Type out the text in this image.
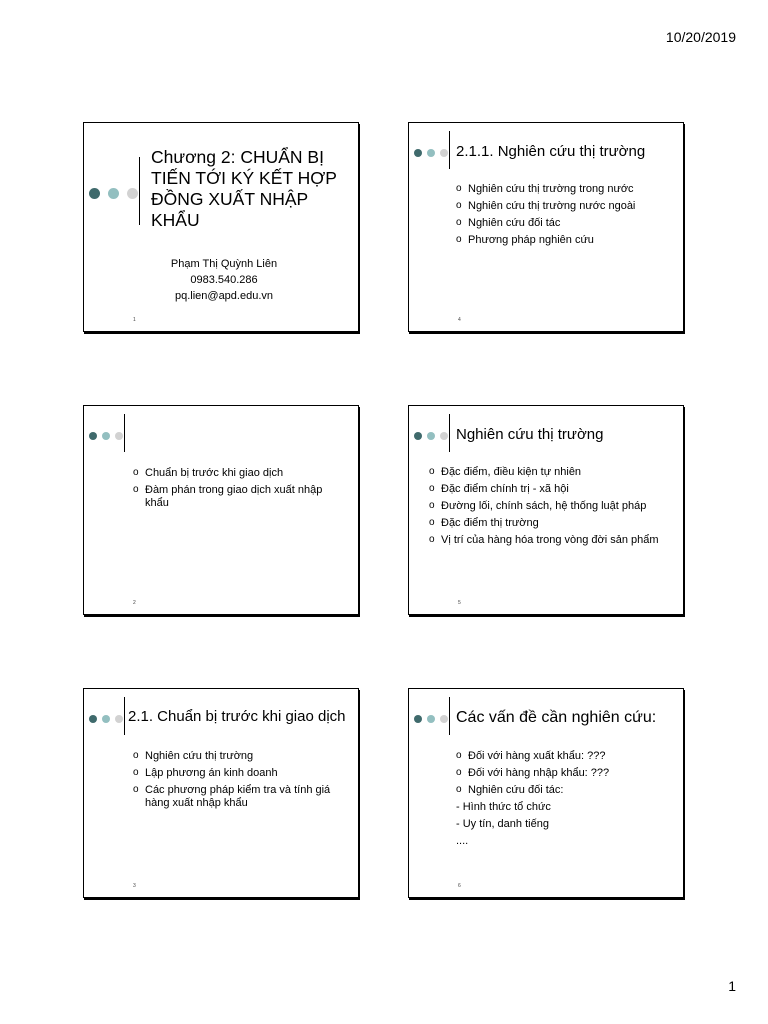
10/20/2019
Chương 2: CHUẨN BỊ TIẾN TỚI KÝ KẾT HỢP ĐỒNG XUẤT NHẬP KHẨU
Phạm Thị Quỳnh Liên
0983.540.286
pq.lien@apd.edu.vn
1
o Chuẩn bị trước khi giao dịch
o Đàm phán trong giao dịch xuất nhập khẩu
2
2.1. Chuẩn bị trước khi giao dịch
o Nghiên cứu thị trường
o Lập phương án kinh doanh
o Các phương pháp kiểm tra và tính giá hàng xuất nhập khẩu
3
2.1.1. Nghiên cứu thị trường
o Nghiên cứu thị trường trong nước
o Nghiên cứu thị trường nước ngoài
o Nghiên cứu đối tác
o Phương pháp nghiên cứu
4
Nghiên cứu thị trường
o Đặc điểm, điều kiện tự nhiên
o Đặc điểm chính trị - xã hội
o Đường lối, chính sách, hệ thống luật pháp
o Đặc điểm thị trường
o Vị trí của hàng hóa trong vòng đời sản phẩm
5
Các vấn đề cần nghiên cứu:
o Đối với hàng xuất khẩu: ???
o Đối với hàng nhập khẩu: ???
o Nghiên cứu đối tác:
- Hình thức tổ chức
- Uy tín, danh tiếng
....
6
1
